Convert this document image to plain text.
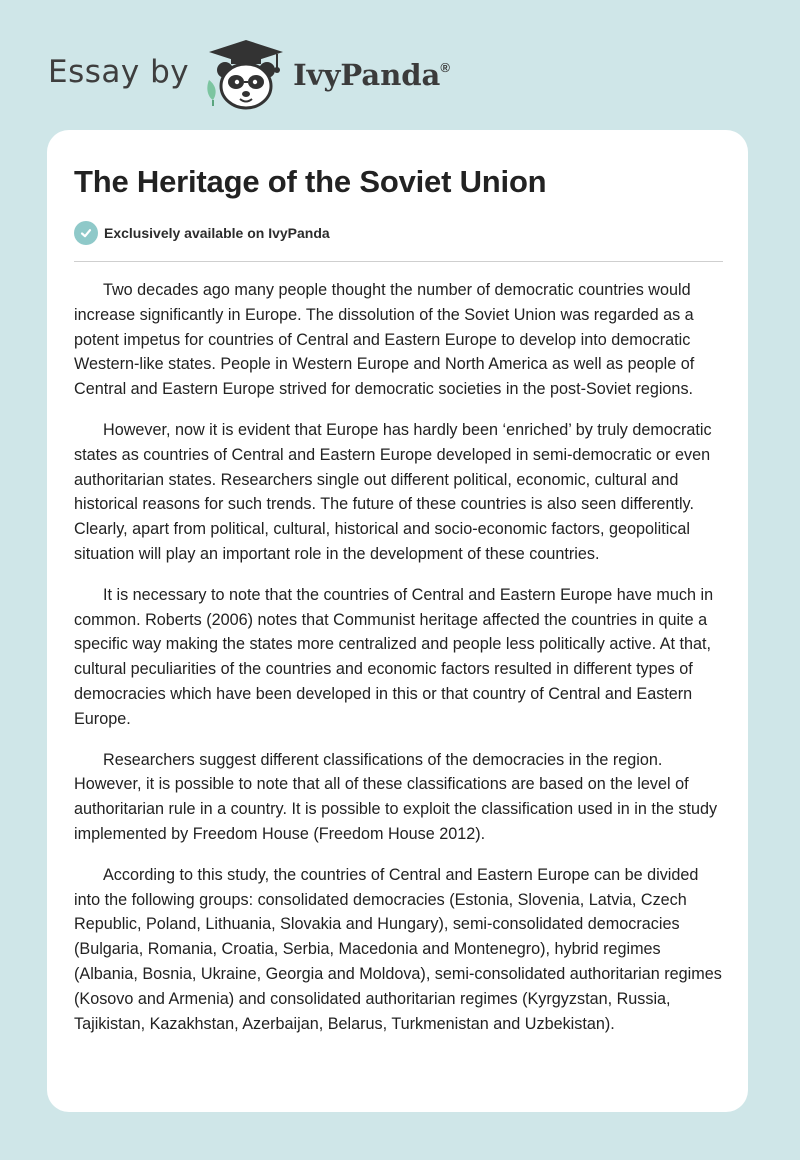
Essay by	IvyPanda®
The Heritage of the Soviet Union
Exclusively available on IvyPanda

Two decades ago many people thought the number of democratic countries would increase significantly in Europe. The dissolution of the Soviet Union was regarded as a potent impetus for countries of Central and Eastern Europe to develop into democratic Western-like states. People in Western Europe and North America as well as people of Central and Eastern Europe strived for democratic societies in the post-Soviet regions.

However, now it is evident that Europe has hardly been ‘enriched’ by truly democratic states as countries of Central and Eastern Europe developed in semi-democratic or even authoritarian states. Researchers single out different political, economic, cultural and historical reasons for such trends. The future of these countries is also seen differently. Clearly, apart from political, cultural, historical and socio-economic factors, geopolitical situation will play an important role in the development of these countries.

It is necessary to note that the countries of Central and Eastern Europe have much in common. Roberts (2006) notes that Communist heritage affected the countries in quite a specific way making the states more centralized and people less politically active. At that, cultural peculiarities of the countries and economic factors resulted in different types of democracies which have been developed in this or that country of Central and Eastern Europe.

Researchers suggest different classifications of the democracies in the region. However, it is possible to note that all of these classifications are based on the level of authoritarian rule in a country. It is possible to exploit the classification used in in the study implemented by Freedom House (Freedom House 2012).

According to this study, the countries of Central and Eastern Europe can be divided into the following groups: consolidated democracies (Estonia, Slovenia, Latvia, Czech Republic, Poland, Lithuania, Slovakia and Hungary), semi-consolidated democracies (Bulgaria, Romania, Croatia, Serbia, Macedonia and Montenegro), hybrid regimes (Albania, Bosnia, Ukraine, Georgia and Moldova), semi-consolidated authoritarian regimes (Kosovo and Armenia) and consolidated authoritarian regimes (Kyrgyzstan, Russia, Tajikistan, Kazakhstan, Azerbaijan, Belarus, Turkmenistan and Uzbekistan).
